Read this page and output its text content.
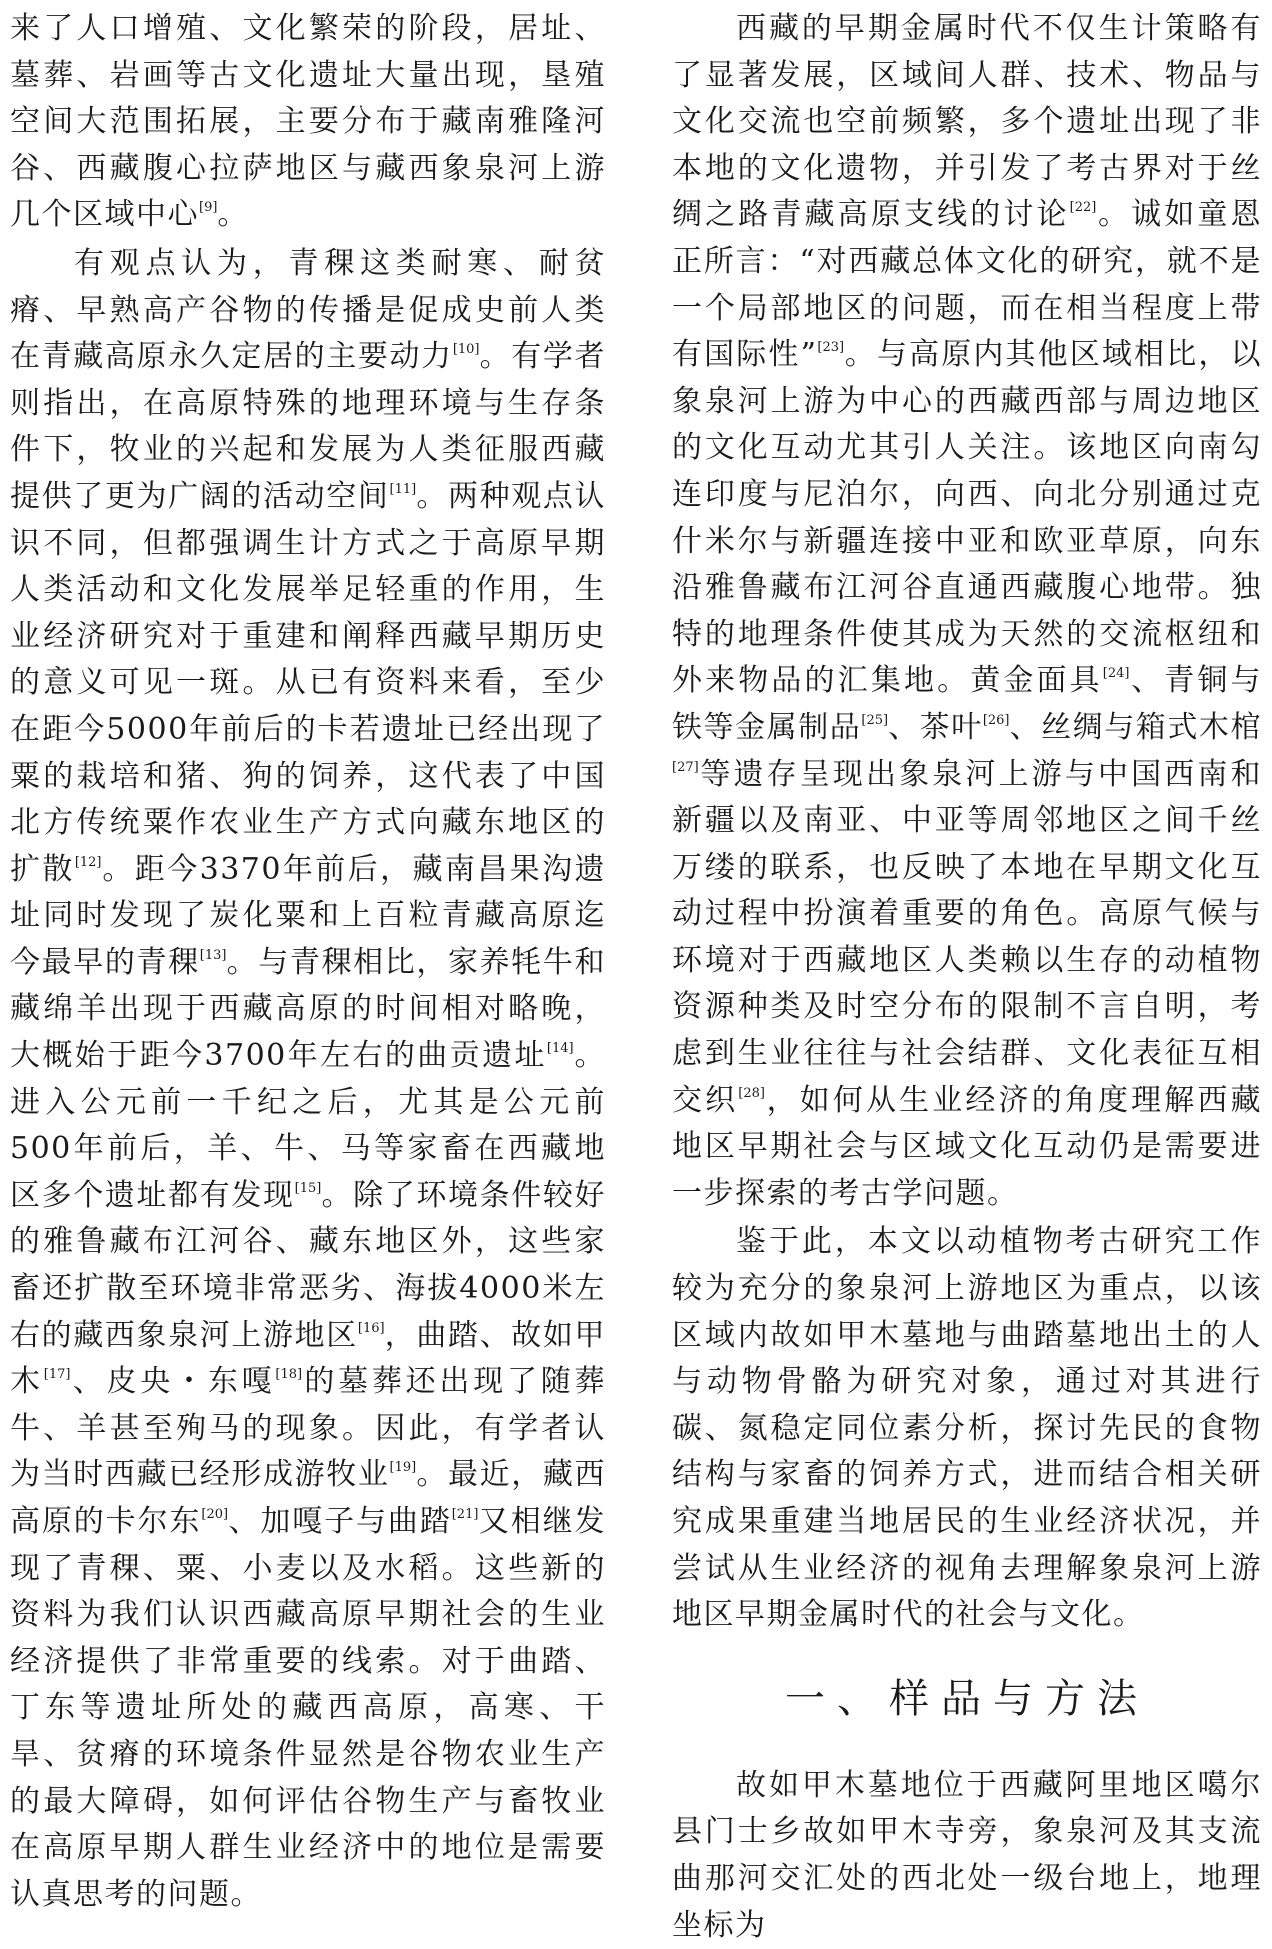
来了人口增殖、文化繁荣的阶段，居址、墓葬、岩画等古文化遗址大量出现，垦殖空间大范围拓展，主要分布于藏南雅隆河谷、西藏腹心拉萨地区与藏西象泉河上游几个区域中心[9]。

有观点认为，青稞这类耐寒、耐贫瘠、早熟高产谷物的传播是促成史前人类在青藏高原永久定居的主要动力[10]。有学者则指出，在高原特殊的地理环境与生存条件下，牧业的兴起和发展为人类征服西藏提供了更为广阔的活动空间[11]。两种观点认识不同，但都强调生计方式之于高原早期人类活动和文化发展举足轻重的作用，生业经济研究对于重建和阐释西藏早期历史的意义可见一斑。从已有资料来看，至少在距今5000年前后的卡若遗址已经出现了粟的栽培和猪、狗的饲养，这代表了中国北方传统粟作农业生产方式向藏东地区的扩散[12]。距今3370年前后，藏南昌果沟遗址同时发现了炭化粟和上百粒青藏高原迄今最早的青稞[13]。与青稞相比，家养牦牛和藏绵羊出现于西藏高原的时间相对略晚，大概始于距今3700年左右的曲贡遗址[14]。进入公元前一千纪之后，尤其是公元前500年前后，羊、牛、马等家畜在西藏地区多个遗址都有发现[15]。除了环境条件较好的雅鲁藏布江河谷、藏东地区外，这些家畜还扩散至环境非常恶劣、海拔4000米左右的藏西象泉河上游地区[16]，曲踏、故如甲木[17]、皮央・东嘎[18]的墓葬还出现了随葬牛、羊甚至殉马的现象。因此，有学者认为当时西藏已经形成游牧业[19]。最近，藏西高原的卡尔东[20]、加嘎子与曲踏[21]又相继发现了青稞、粟、小麦以及水稻。这些新的资料为我们认识西藏高原早期社会的生业经济提供了非常重要的线索。对于曲踏、丁东等遗址所处的藏西高原，高寒、干旱、贫瘠的环境条件显然是谷物农业生产的最大障碍，如何评估谷物生产与畜牧业在高原早期人群生业经济中的地位是需要认真思考的问题。

西藏的早期金属时代不仅生计策略有了显著发展，区域间人群、技术、物品与文化交流也空前频繁，多个遗址出现了非本地的文化遗物，并引发了考古界对于丝绸之路青藏高原支线的讨论[22]。诚如童恩正所言：“对西藏总体文化的研究，就不是一个局部地区的问题，而在相当程度上带有国际性”[23]。与高原内其他区域相比，以象泉河上游为中心的西藏西部与周边地区的文化互动尤其引人关注。该地区向南勾连印度与尼泊尔，向西、向北分别通过克什米尔与新疆连接中亚和欧亚草原，向东沿雅鲁藏布江河谷直通西藏腹心地带。独特的地理条件使其成为天然的交流枢纽和外来物品的汇集地。黄金面具[24]、青铜与铁等金属制品[25]、茶叶[26]、丝绸与箱式木棺[27]等遗存呈现出象泉河上游与中国西南和新疆以及南亚、中亚等周邻地区之间千丝万缕的联系，也反映了本地在早期文化互动过程中扮演着重要的角色。高原气候与环境对于西藏地区人类赖以生存的动植物资源种类及时空分布的限制不言自明，考虑到生业往往与社会结群、文化表征互相交织[28]，如何从生业经济的角度理解西藏地区早期社会与区域文化互动仍是需要进一步探索的考古学问题。

鉴于此，本文以动植物考古研究工作较为充分的象泉河上游地区为重点，以该区域内故如甲木墓地与曲踏墓地出土的人与动物骨骼为研究对象，通过对其进行碳、氮稳定同位素分析，探讨先民的食物结构与家畜的饲养方式，进而结合相关研究成果重建当地居民的生业经济状况，并尝试从生业经济的视角去理解象泉河上游地区早期金属时代的社会与文化。

一、样品与方法

故如甲木墓地位于西藏阿里地区噶尔县门士乡故如甲木寺旁，象泉河及其支流曲那河交汇处的西北处一级台地上，地理坐标为
